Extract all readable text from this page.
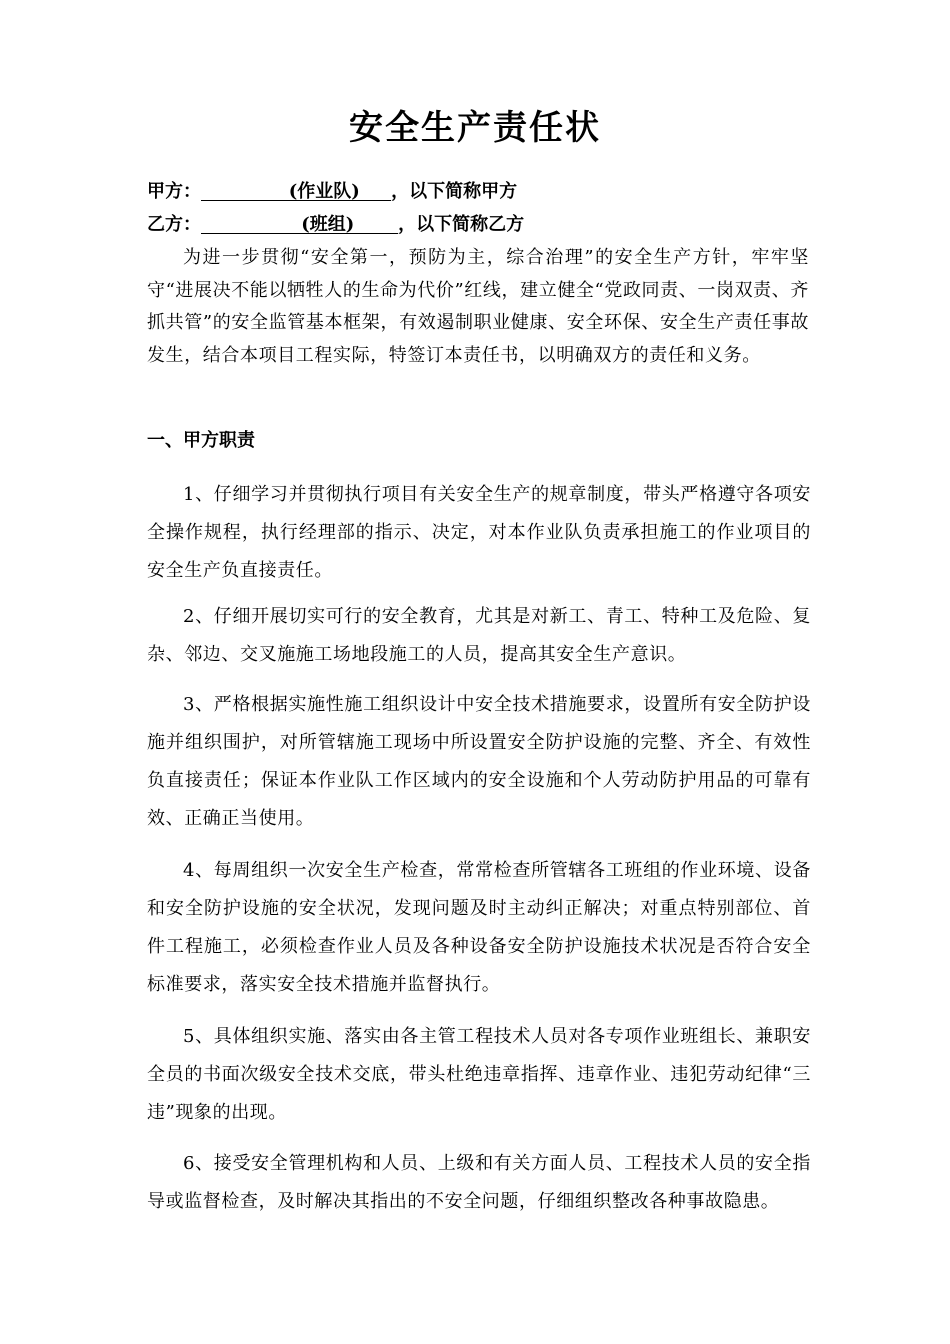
安全生产责任状
甲方：              (作业队)     ，以下简称甲方
乙方：                (班组)       ，以下简称乙方

为进一步贯彻“安全第一，预防为主，综合治理”的安全生产方针，牢牢坚守“进展决不能以牺牲人的生命为代价”红线，建立健全“党政同责、一岗双责、齐抓共管”的安全监管基本框架，有效遏制职业健康、安全环保、安全生产责任事故发生，结合本项目工程实际，特签订本责任书，以明确双方的责任和义务。

一、甲方职责

1、仔细学习并贯彻执行项目有关安全生产的规章制度，带头严格遵守各项安全操作规程，执行经理部的指示、决定，对本作业队负责承担施工的作业项目的安全生产负直接责任。

2、仔细开展切实可行的安全教育，尤其是对新工、青工、特种工及危险、复杂、邻边、交叉施施工场地段施工的人员，提高其安全生产意识。

3、严格根据实施性施工组织设计中安全技术措施要求，设置所有安全防护设施并组织围护，对所管辖施工现场中所设置安全防护设施的完整、齐全、有效性负直接责任；保证本作业队工作区域内的安全设施和个人劳动防护用品的可靠有效、正确正当使用。

4、每周组织一次安全生产检查，常常检查所管辖各工班组的作业环境、设备和安全防护设施的安全状况，发现问题及时主动纠正解决；对重点特别部位、首件工程施工，必须检查作业人员及各种设备安全防护设施技术状况是否符合安全标准要求，落实安全技术措施并监督执行。

5、具体组织实施、落实由各主管工程技术人员对各专项作业班组长、兼职安全员的书面次级安全技术交底，带头杜绝违章指挥、违章作业、违犯劳动纪律“三违”现象的出现。

6、接受安全管理机构和人员、上级和有关方面人员、工程技术人员的安全指导或监督检查，及时解决其指出的不安全问题，仔细组织整改各种事故隐患。
